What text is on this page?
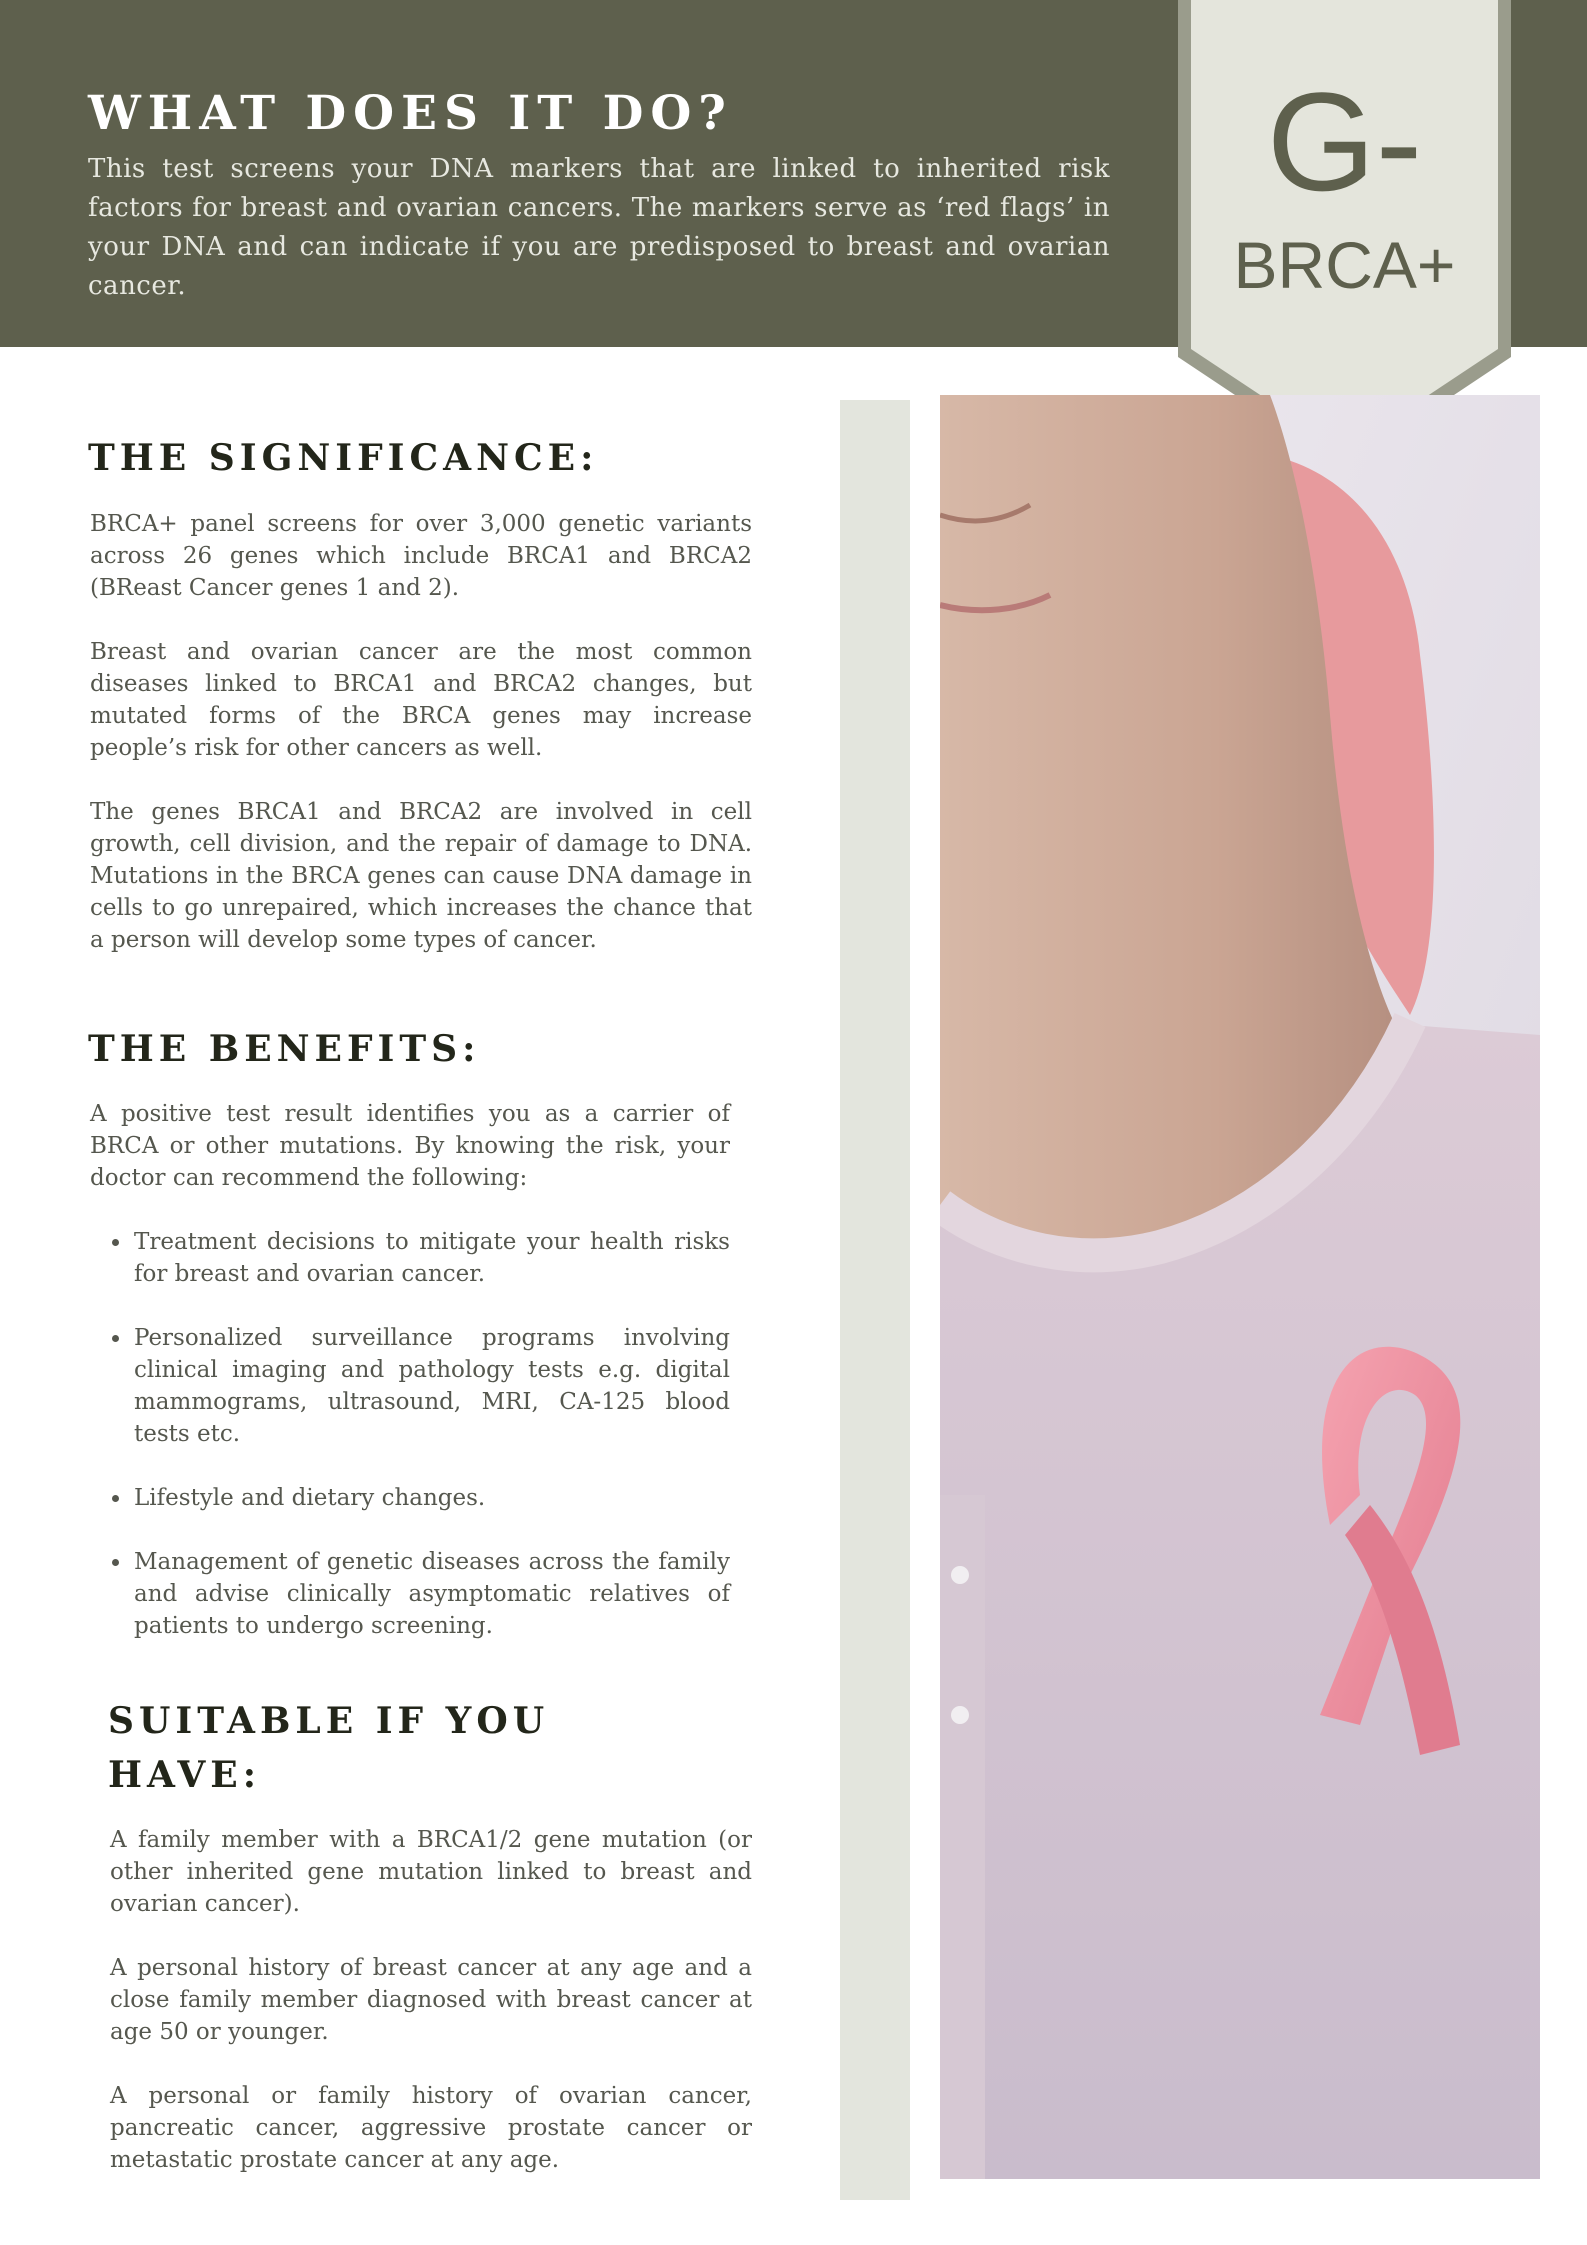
WHAT DOES IT DO?

This test screens your DNA markers that are linked to inherited risk factors for breast and ovarian cancers. The markers serve as ‘red flags’ in your DNA and can indicate if you are predisposed to breast and ovarian cancer.

G-
BRCA+
THE SIGNIFICANCE:

BRCA+ panel screens for over 3,000 genetic variants across 26 genes which include BRCA1 and BRCA2 (BReast Cancer genes 1 and 2).

Breast and ovarian cancer are the most common diseases linked to BRCA1 and BRCA2 changes, but mutated forms of the BRCA genes may increase people’s risk for other cancers as well.

The genes BRCA1 and BRCA2 are involved in cell growth, cell division, and the repair of damage to DNA. Mutations in the BRCA genes can cause DNA damage in cells to go unrepaired, which increases the chance that a person will develop some types of cancer.

THE BENEFITS:

A positive test result identifies you as a carrier of BRCA or other mutations. By knowing the risk, your doctor can recommend the following:

Treatment decisions to mitigate your health risks for breast and ovarian cancer.
Personalized surveillance programs involving clinical imaging and pathology tests e.g. digital mammograms, ultrasound, MRI, CA-125 blood tests etc.
Lifestyle and dietary changes.
Management of genetic diseases across the family and advise clinically asymptomatic relatives of patients to undergo screening.
SUITABLE IF YOU
HAVE:

A family member with a BRCA1/2 gene mutation (or other inherited gene mutation linked to breast and ovarian cancer).

A personal history of breast cancer at any age and a close family member diagnosed with breast cancer at age 50 or younger.

A personal or family history of ovarian cancer, pancreatic cancer, aggressive prostate cancer or metastatic prostate cancer at any age.
